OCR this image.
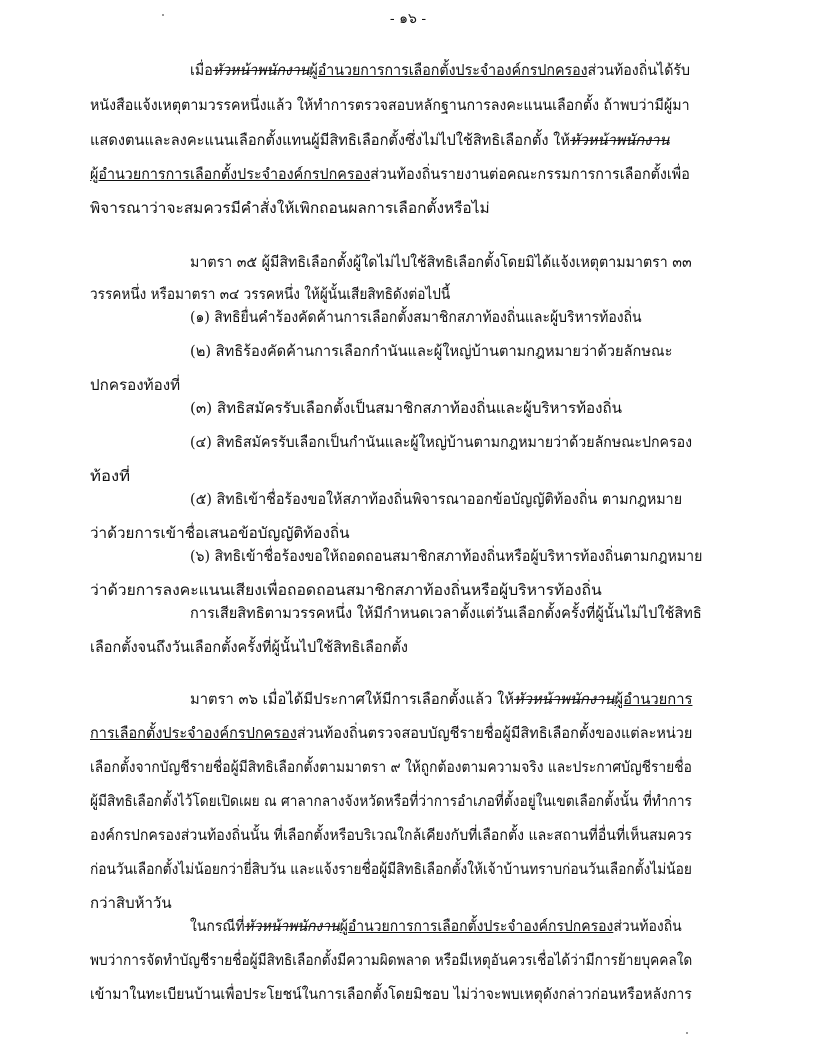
- ๑๖ -
เมื่อหัวหน้าพนักงานผู้อำนวยการการเลือกตั้งประจำองค์กรปกครองส่วนท้องถิ่นได้รับ
หนังสือแจ้งเหตุตามวรรคหนึ่งแล้ว ให้ทำการตรวจสอบหลักฐานการลงคะแนนเลือกตั้ง ถ้าพบว่ามีผู้มา
แสดงตนและลงคะแนนเลือกตั้งแทนผู้มีสิทธิเลือกตั้งซึ่งไม่ไปใช้สิทธิเลือกตั้ง ให้หัวหน้าพนักงาน
ผู้อำนวยการการเลือกตั้งประจำองค์กรปกครองส่วนท้องถิ่นรายงานต่อคณะกรรมการการเลือกตั้งเพื่อ
พิจารณาว่าจะสมควรมีคำสั่งให้เพิกถอนผลการเลือกตั้งหรือไม่
มาตรา ๓๕ ผู้มีสิทธิเลือกตั้งผู้ใดไม่ไปใช้สิทธิเลือกตั้งโดยมิได้แจ้งเหตุตามมาตรา ๓๓
วรรคหนึ่ง หรือมาตรา ๓๔ วรรคหนึ่ง ให้ผู้นั้นเสียสิทธิดังต่อไปนี้
(๑) สิทธิยื่นคำร้องคัดค้านการเลือกตั้งสมาชิกสภาท้องถิ่นและผู้บริหารท้องถิ่น
(๒) สิทธิร้องคัดค้านการเลือกกำนันและผู้ใหญ่บ้านตามกฎหมายว่าด้วยลักษณะ
ปกครองท้องที่
(๓) สิทธิสมัครรับเลือกตั้งเป็นสมาชิกสภาท้องถิ่นและผู้บริหารท้องถิ่น
(๔) สิทธิสมัครรับเลือกเป็นกำนันและผู้ใหญ่บ้านตามกฎหมายว่าด้วยลักษณะปกครอง
ท้องที่
(๕) สิทธิเข้าชื่อร้องขอให้สภาท้องถิ่นพิจารณาออกข้อบัญญัติท้องถิ่น ตามกฎหมาย
ว่าด้วยการเข้าชื่อเสนอข้อบัญญัติท้องถิ่น
(๖) สิทธิเข้าชื่อร้องขอให้ถอดถอนสมาชิกสภาท้องถิ่นหรือผู้บริหารท้องถิ่นตามกฎหมาย
ว่าด้วยการลงคะแนนเสียงเพื่อถอดถอนสมาชิกสภาท้องถิ่นหรือผู้บริหารท้องถิ่น
การเสียสิทธิตามวรรคหนึ่ง ให้มีกำหนดเวลาตั้งแต่วันเลือกตั้งครั้งที่ผู้นั้นไม่ไปใช้สิทธิ
เลือกตั้งจนถึงวันเลือกตั้งครั้งที่ผู้นั้นไปใช้สิทธิเลือกตั้ง
มาตรา ๓๖ เมื่อได้มีประกาศให้มีการเลือกตั้งแล้ว ให้หัวหน้าพนักงานผู้อำนวยการ
การเลือกตั้งประจำองค์กรปกครองส่วนท้องถิ่นตรวจสอบบัญชีรายชื่อผู้มีสิทธิเลือกตั้งของแต่ละหน่วย
เลือกตั้งจากบัญชีรายชื่อผู้มีสิทธิเลือกตั้งตามมาตรา ๙ ให้ถูกต้องตามความจริง และประกาศบัญชีรายชื่อ
ผู้มีสิทธิเลือกตั้งไว้โดยเปิดเผย ณ ศาลากลางจังหวัดหรือที่ว่าการอำเภอที่ตั้งอยู่ในเขตเลือกตั้งนั้น ที่ทำการ
องค์กรปกครองส่วนท้องถิ่นนั้น ที่เลือกตั้งหรือบริเวณใกล้เคียงกับที่เลือกตั้ง และสถานที่อื่นที่เห็นสมควร
ก่อนวันเลือกตั้งไม่น้อยกว่ายี่สิบวัน และแจ้งรายชื่อผู้มีสิทธิเลือกตั้งให้เจ้าบ้านทราบก่อนวันเลือกตั้งไม่น้อย
กว่าสิบห้าวัน
ในกรณีที่หัวหน้าพนักงานผู้อำนวยการการเลือกตั้งประจำองค์กรปกครองส่วนท้องถิ่น
พบว่าการจัดทำบัญชีรายชื่อผู้มีสิทธิเลือกตั้งมีความผิดพลาด หรือมีเหตุอันควรเชื่อได้ว่ามีการย้ายบุคคลใด
เข้ามาในทะเบียนบ้านเพื่อประโยชน์ในการเลือกตั้งโดยมิชอบ ไม่ว่าจะพบเหตุดังกล่าวก่อนหรือหลังการ
